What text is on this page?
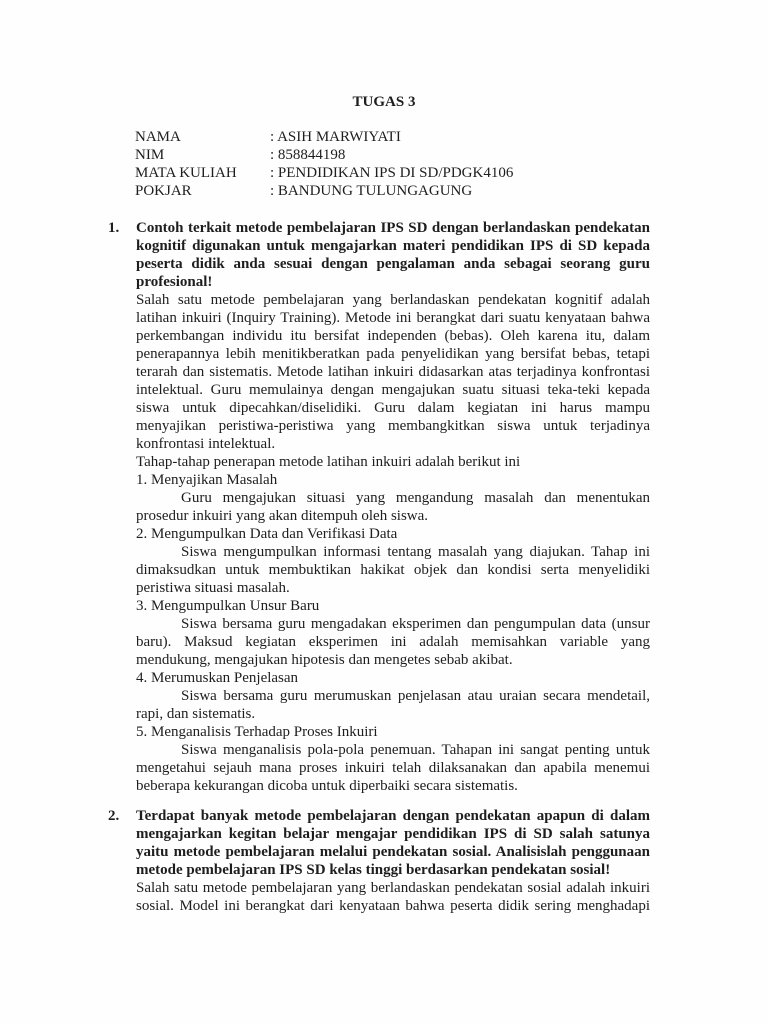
TUGAS 3
NAMA	: ASIH MARWIYATI
NIM	: 858844198
MATA KULIAH	: PENDIDIKAN IPS DI SD/PDGK4106
POKJAR	: BANDUNG TULUNGAGUNG
1. Contoh terkait metode pembelajaran IPS SD dengan berlandaskan pendekatan kognitif digunakan untuk mengajarkan materi pendidikan IPS di SD kepada peserta didik anda sesuai dengan pengalaman anda sebagai seorang guru profesional!
Salah satu metode pembelajaran yang berlandaskan pendekatan kognitif adalah latihan inkuiri (Inquiry Training). Metode ini berangkat dari suatu kenyataan bahwa perkembangan individu itu bersifat independen (bebas). Oleh karena itu, dalam penerapannya lebih menitikberatkan pada penyelidikan yang bersifat bebas, tetapi terarah dan sistematis. Metode latihan inkuiri didasarkan atas terjadinya konfrontasi intelektual. Guru memulainya dengan mengajukan suatu situasi teka-teki kepada siswa untuk dipecahkan/diselidiki. Guru dalam kegiatan ini harus mampu menyajikan peristiwa-peristiwa yang membangkitkan siswa untuk terjadinya konfrontasi intelektual.
Tahap-tahap penerapan metode latihan inkuiri adalah berikut ini
1. Menyajikan Masalah
Guru mengajukan situasi yang mengandung masalah dan menentukan prosedur inkuiri yang akan ditempuh oleh siswa.
2. Mengumpulkan Data dan Verifikasi Data
Siswa mengumpulkan informasi tentang masalah yang diajukan. Tahap ini dimaksudkan untuk membuktikan hakikat objek dan kondisi serta menyelidiki peristiwa situasi masalah.
3. Mengumpulkan Unsur Baru
Siswa bersama guru mengadakan eksperimen dan pengumpulan data (unsur baru). Maksud kegiatan eksperimen ini adalah memisahkan variable yang mendukung, mengajukan hipotesis dan mengetes sebab akibat.
4. Merumuskan Penjelasan
Siswa bersama guru merumuskan penjelasan atau uraian secara mendetail, rapi, dan sistematis.
5. Menganalisis Terhadap Proses Inkuiri
Siswa menganalisis pola-pola penemuan. Tahapan ini sangat penting untuk mengetahui sejauh mana proses inkuiri telah dilaksanakan dan apabila menemui beberapa kekurangan dicoba untuk diperbaiki secara sistematis.
2. Terdapat banyak metode pembelajaran dengan pendekatan apapun di dalam mengajarkan kegitan belajar mengajar pendidikan IPS di SD salah satunya yaitu metode pembelajaran melalui pendekatan sosial. Analisislah penggunaan metode pembelajaran IPS SD kelas tinggi berdasarkan pendekatan sosial!
Salah satu metode pembelajaran yang berlandaskan pendekatan sosial adalah inkuiri sosial. Model ini berangkat dari kenyataan bahwa peserta didik sering menghadapi
